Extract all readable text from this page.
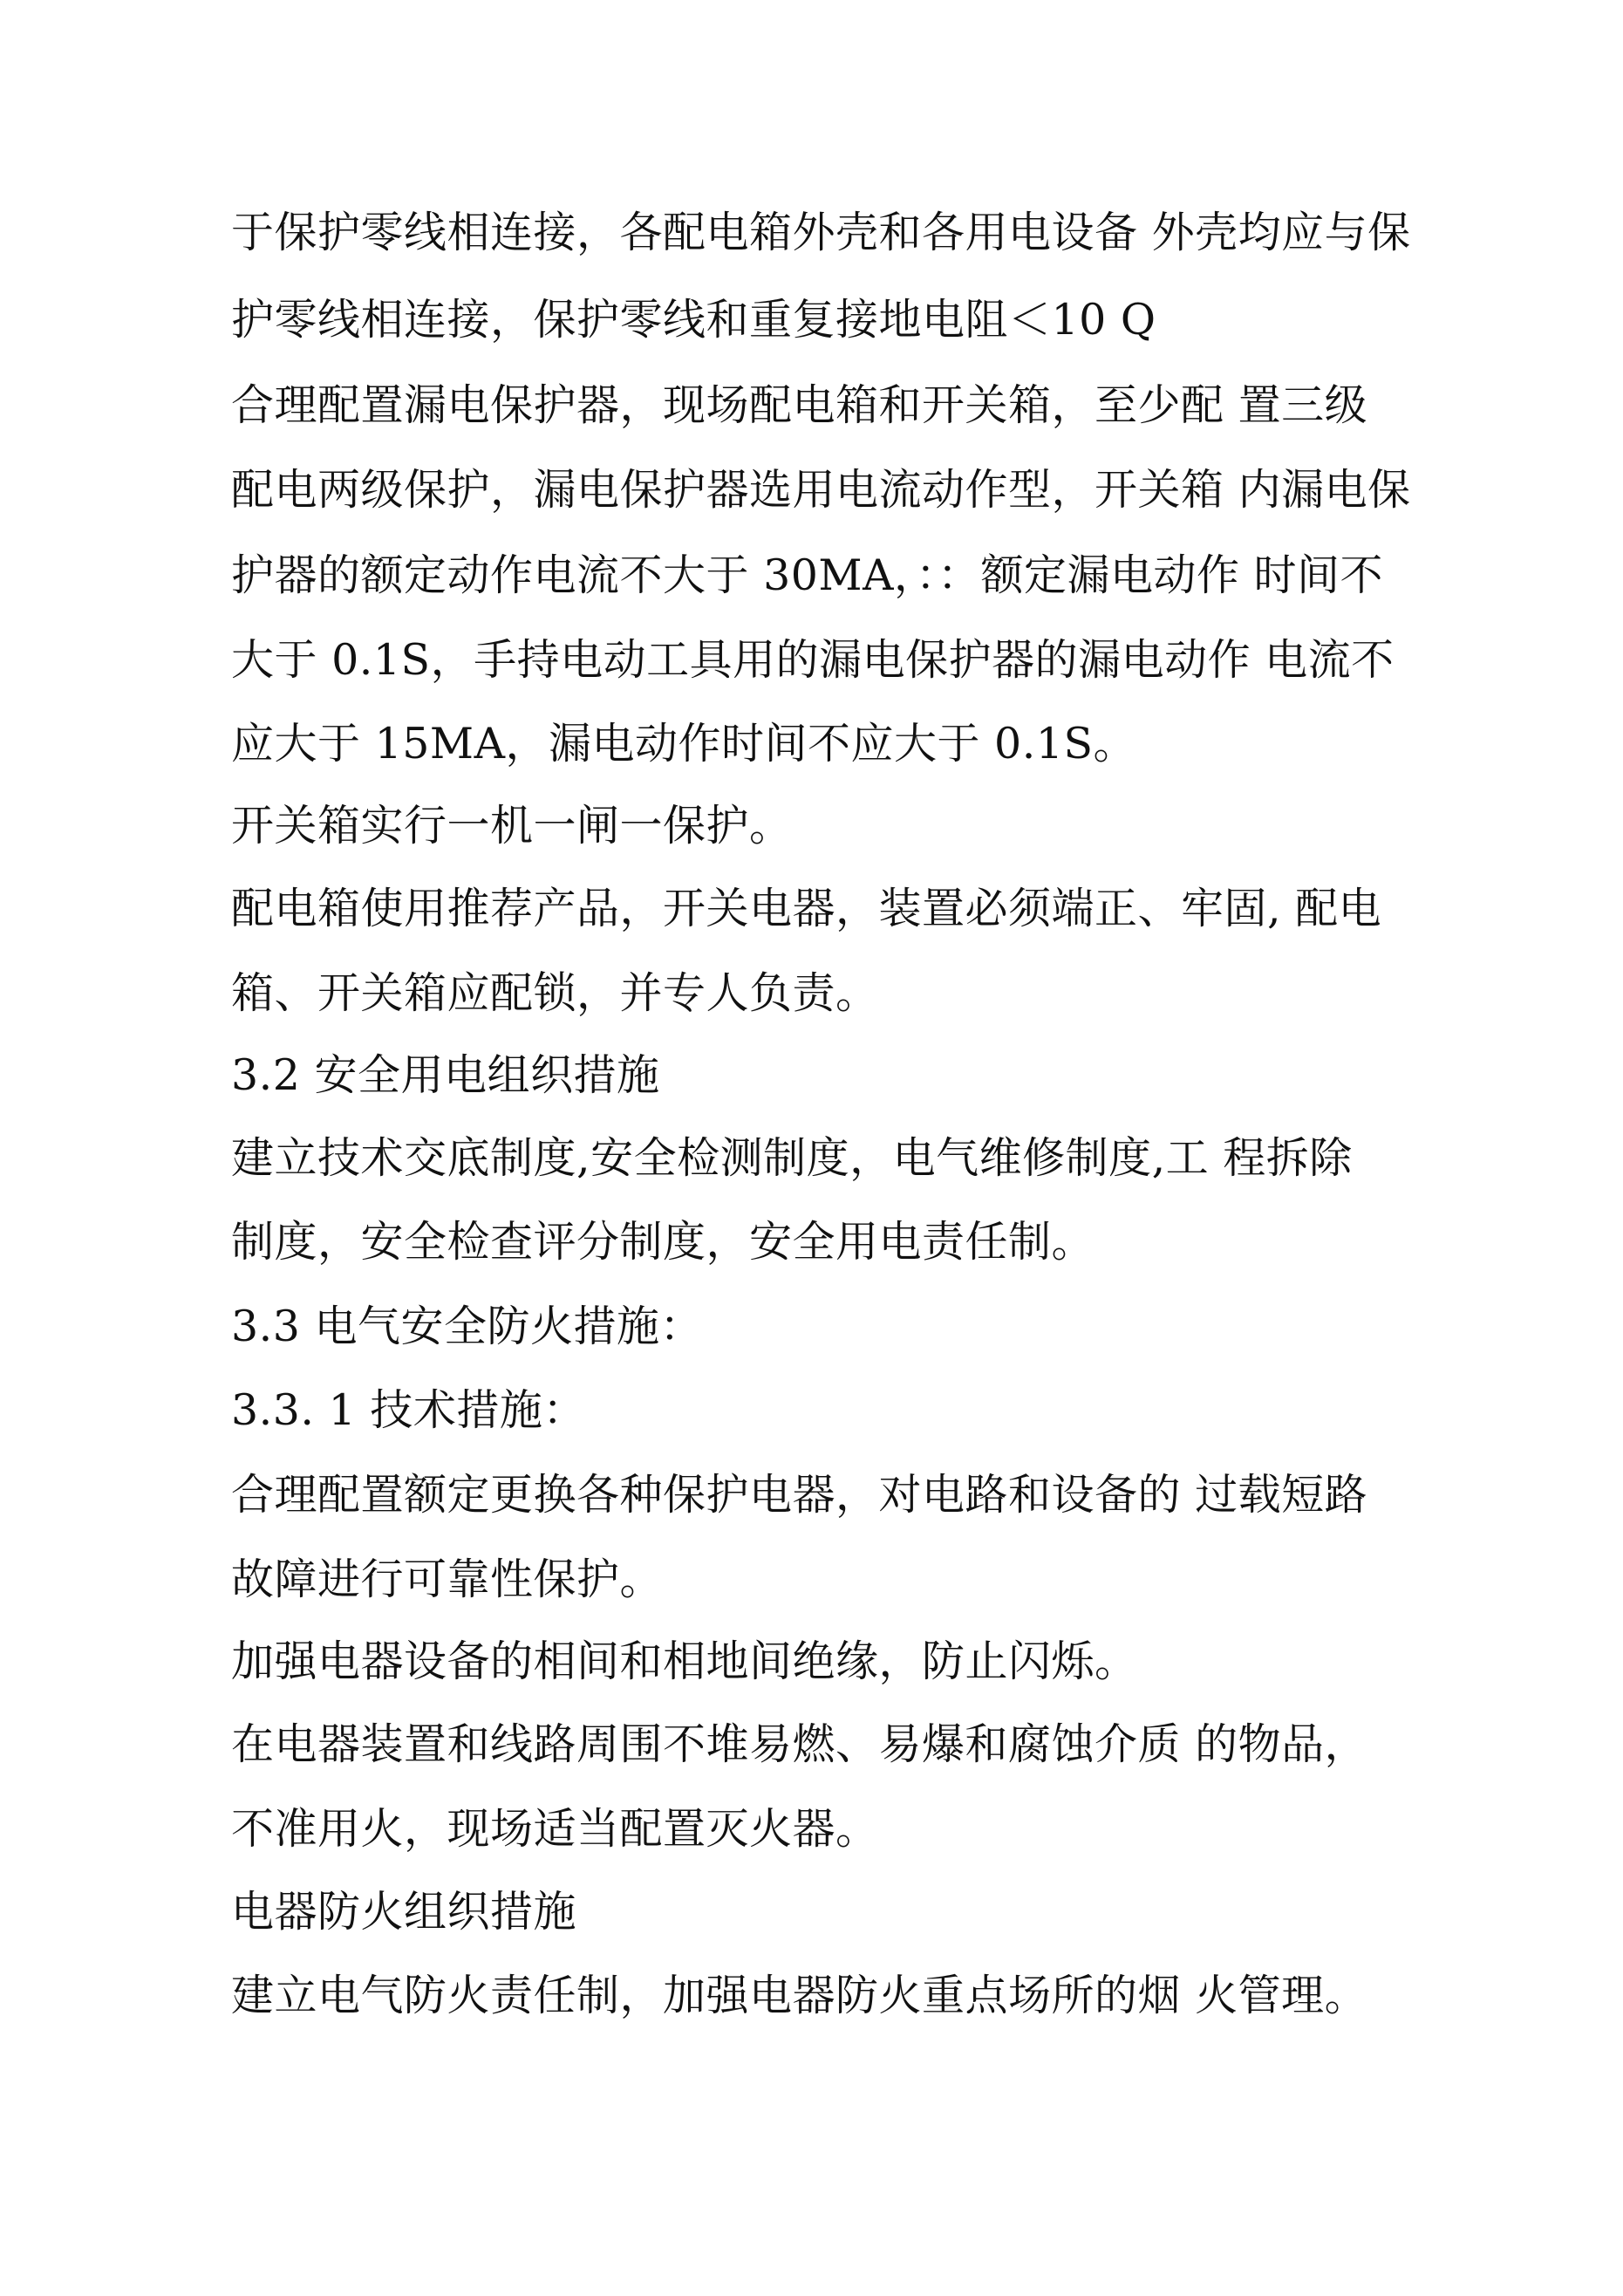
于保护零线相连接，各配电箱外壳和各用电设备 外壳均应与保
护零线相连接，保护零线和重复接地电阻＜10 Q
合理配置漏电保护器，现场配电箱和开关箱，至少配 置三级
配电两级保护，漏电保护器选用电流动作型，开关箱 内漏电保
护器的额定动作电流不大于 30MA，：：额定漏电动作 时间不
大于 0.1S，手持电动工具用的漏电保护器的漏电动作 电流不
应大于 15MA，漏电动作时间不应大于 0.1S。
开关箱实行一机一闸一保护。
配电箱使用推荐产品，开关电器，装置必须端正、牢固, 配电
箱、开关箱应配锁，并专人负责。
3.2 安全用电组织措施
建立技术交底制度,安全检测制度，电气维修制度,工 程拆除
制度，安全检查评分制度，安全用电责任制。
3.3 电气安全防火措施：
3.3. 1 技术措施：
合理配置额定更换各种保护电器，对电路和设备的 过载短路
故障进行可靠性保护。
加强电器设备的相间和相地间绝缘，防止闪烁。
在电器装置和线路周围不堆易燃、易爆和腐蚀介质 的物品，
不准用火，现场适当配置灭火器。
电器防火组织措施
建立电气防火责任制，加强电器防火重点场所的烟 火管理。
